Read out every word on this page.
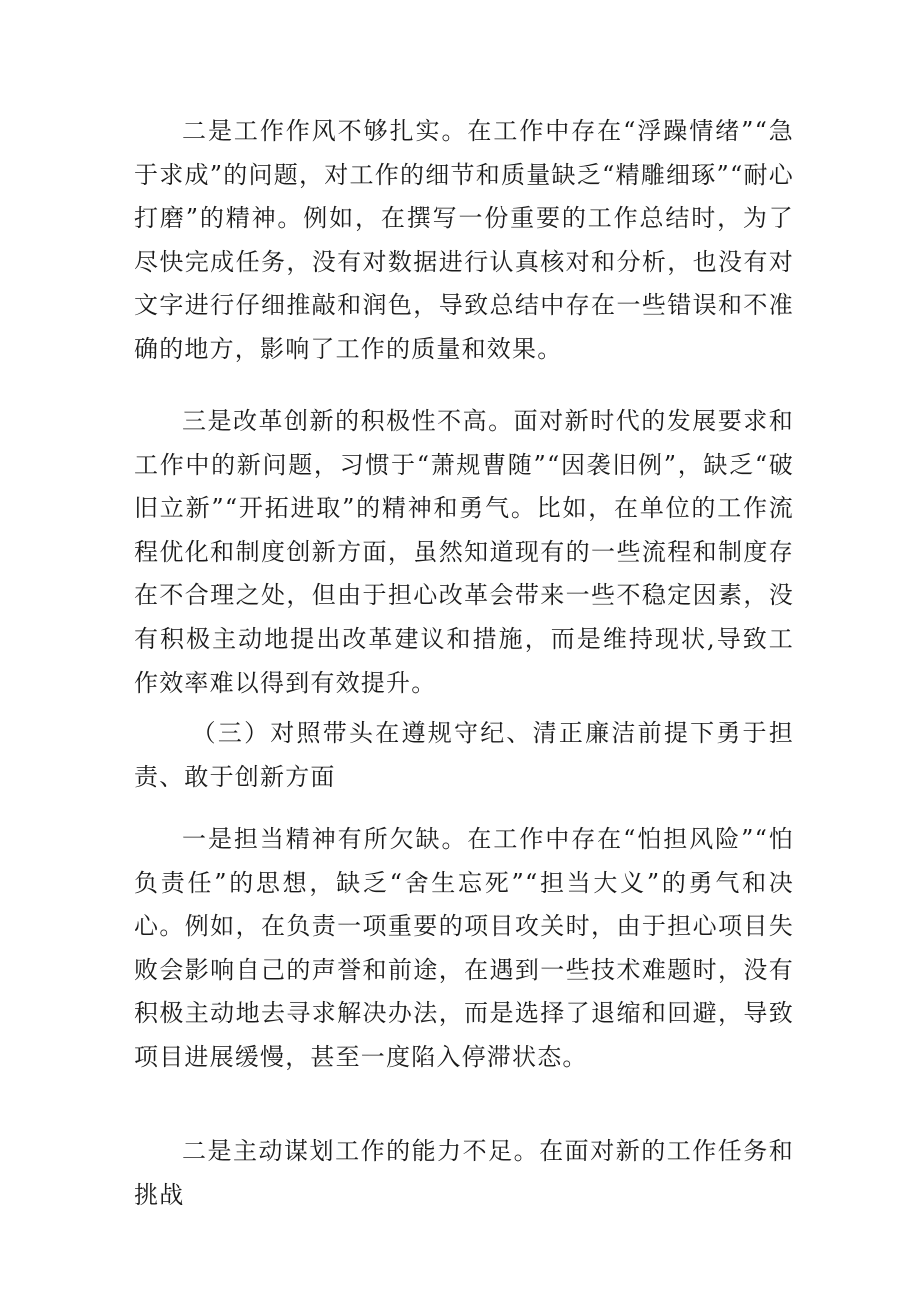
二是工作作风不够扎实。在工作中存在“浮躁情绪”“急于求成”的问题，对工作的细节和质量缺乏“精雕细琢”“耐心打磨”的精神。例如，在撰写一份重要的工作总结时，为了尽快完成任务，没有对数据进行认真核对和分析，也没有对文字进行仔细推敲和润色，导致总结中存在一些错误和不准确的地方，影响了工作的质量和效果。

三是改革创新的积极性不高。面对新时代的发展要求和工作中的新问题，习惯于“萧规曹随”“因袭旧例”，缺乏“破旧立新”“开拓进取”的精神和勇气。比如，在单位的工作流程优化和制度创新方面，虽然知道现有的一些流程和制度存在不合理之处，但由于担心改革会带来一些不稳定因素，没有积极主动地提出改革建议和措施，而是维持现状,导致工作效率难以得到有效提升。

（三）对照带头在遵规守纪、清正廉洁前提下勇于担责、敢于创新方面

一是担当精神有所欠缺。在工作中存在“怕担风险”“怕负责任”的思想，缺乏“舍生忘死”“担当大义”的勇气和决心。例如，在负责一项重要的项目攻关时，由于担心项目失败会影响自己的声誉和前途，在遇到一些技术难题时，没有积极主动地去寻求解决办法，而是选择了退缩和回避，导致项目进展缓慢，甚至一度陷入停滞状态。

二是主动谋划工作的能力不足。在面对新的工作任务和挑战
